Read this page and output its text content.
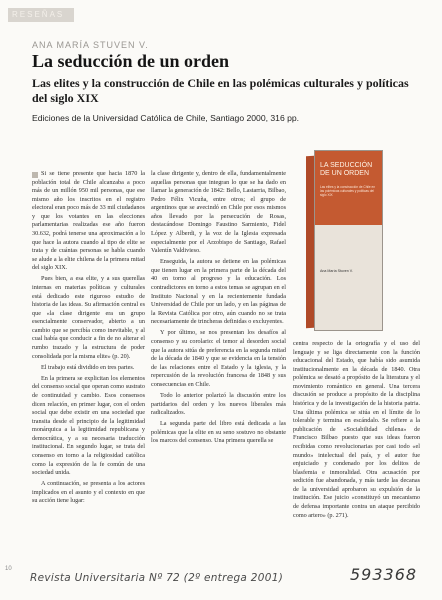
RESEÑAS
ANA MARÍA STUVEN V.
La seducción de un orden
Las elites y la construcción de Chile en las polémicas culturales y políticas del siglo XIX
Ediciones de la Universidad Católica de Chile, Santiago 2000, 316 pp.
LA SEDUCCIÓN DE UN ORDEN
Las elites y la construcción de Chile en las polémicas culturales y políticas del siglo XIX
Ana María Stuven V.

Si se tiene presente que hacia 1870 la población total de Chile alcanzaba a poco más de un millón 950 mil personas, que ese mismo año los inscritos en el registro electoral eran poco más de 33 mil ciudadanos y que los votantes en las elecciones parlamentarias realizadas ese año fueron 30.632, podrá tenerse una aproximación a lo que hace la autora cuando al tipo de elite se trata y de cuántas personas se habla cuando se alude a la elite chilena de la primera mitad del siglo XIX.

Pues bien, a esa elite, y a sus querellas internas en materias políticas y culturales está dedicado este riguroso estudio de historia de las ideas. Su afirmación central es que «la clase dirigente era un grupo esencialmente conservador, abierto a un cambio que se percibía como inevitable, y al cual había que conducir a fin de no alterar el rumbo trazado y la estructura de poder consolidada por la misma elite» (p. 20).

El trabajo está dividido en tres partes.

En la primera se explicitan los elementos del consenso social que operan como sustrato de continuidad y cambio. Esos consensos dicen relación, en primer lugar, con el orden social que debe existir en una sociedad que transita desde el principio de la legitimidad monárquica a la legitimidad republicana y democrática, y a su necesaria traducción institucional. En segundo lugar, se trata del consenso en torno a la religiosidad católica como la expresión de la fe común de una sociedad unida.

A continuación, se presenta a los actores implicados en el asunto y el contexto en que su acción tiene lugar:

la clase dirigente y, dentro de ella, fundamentalmente aquellas personas que integran lo que se ha dado en llamar la generación de 1842: Bello, Lastarria, Bilbao, Pedro Félix Vicuña, entre otros; el grupo de argentinos que se avecindó en Chile por esos mismos años llevado por la persecución de Rosas, destacándose Domingo Faustino Sarmiento, Fidel López y Alberdi, y la voz de la Iglesia expresada especialmente por el Arzobispo de Santiago, Rafael Valentín Valdivieso.

Enseguida, la autora se detiene en las polémicas que tienen lugar en la primera parte de la década del 40 en torno al progreso y la educación. Los contradictores en torno a estos temas se agrupan en el Instituto Nacional y en la recientemente fundada Universidad de Chile por un lado, y en las páginas de la Revista Católica por otro, aún cuando no se trata necesariamente de trincheras definidas o excluyentes.

Y por último, se nos presentan los desafíos al consenso y su corolario: el temor al desorden social que la autora sitúa de preferencia en la segunda mitad de la década de 1840 y que se evidencia en la tensión de las relaciones entre el Estado y la iglesia, y la repercusión de la revolución francesa de 1848 y sus consecuencias en Chile.

Todo lo anterior polarizó la discusión entre los partidarios del orden y los nuevos liberales más radicalizados.

La segunda parte del libro está dedicada a las polémicas que la elite en su seno sostuvo no obstante los marcos del consenso. Una primera querella se

centra respecto de la ortografía y el uso del lenguaje y se liga directamente con la función educacional del Estado, que había sido asumida institucionalmente en la década de 1840. Otra polémica se desató a propósito de la literatura y el movimiento romántico en general. Una tercera discusión se produce a propósito de la disciplina histórica y de la investigación de la historia patria. Una última polémica se sitúa en el límite de lo tolerable y termina en escándalo. Se refiere a la publicación de «Sociabilidad chilena» de Francisco Bilbao puesto que sus ideas fueron recibidas como revolucionarias por casi todo «el mundo» intelectual del país, y el autor fue enjuiciado y condenado por los delitos de blasfemia e inmoralidad. Otra acusación por sedición fue abandonada, y más tarde las decanas de la universidad aprobaron su expulsión de la institución. Ese juicio «constituyó un mecanismo de defensa importante contra un ataque percibido como artero» (p. 271).

10
Revista Universitaria Nº 72 (2º entrega 2001)	593368
